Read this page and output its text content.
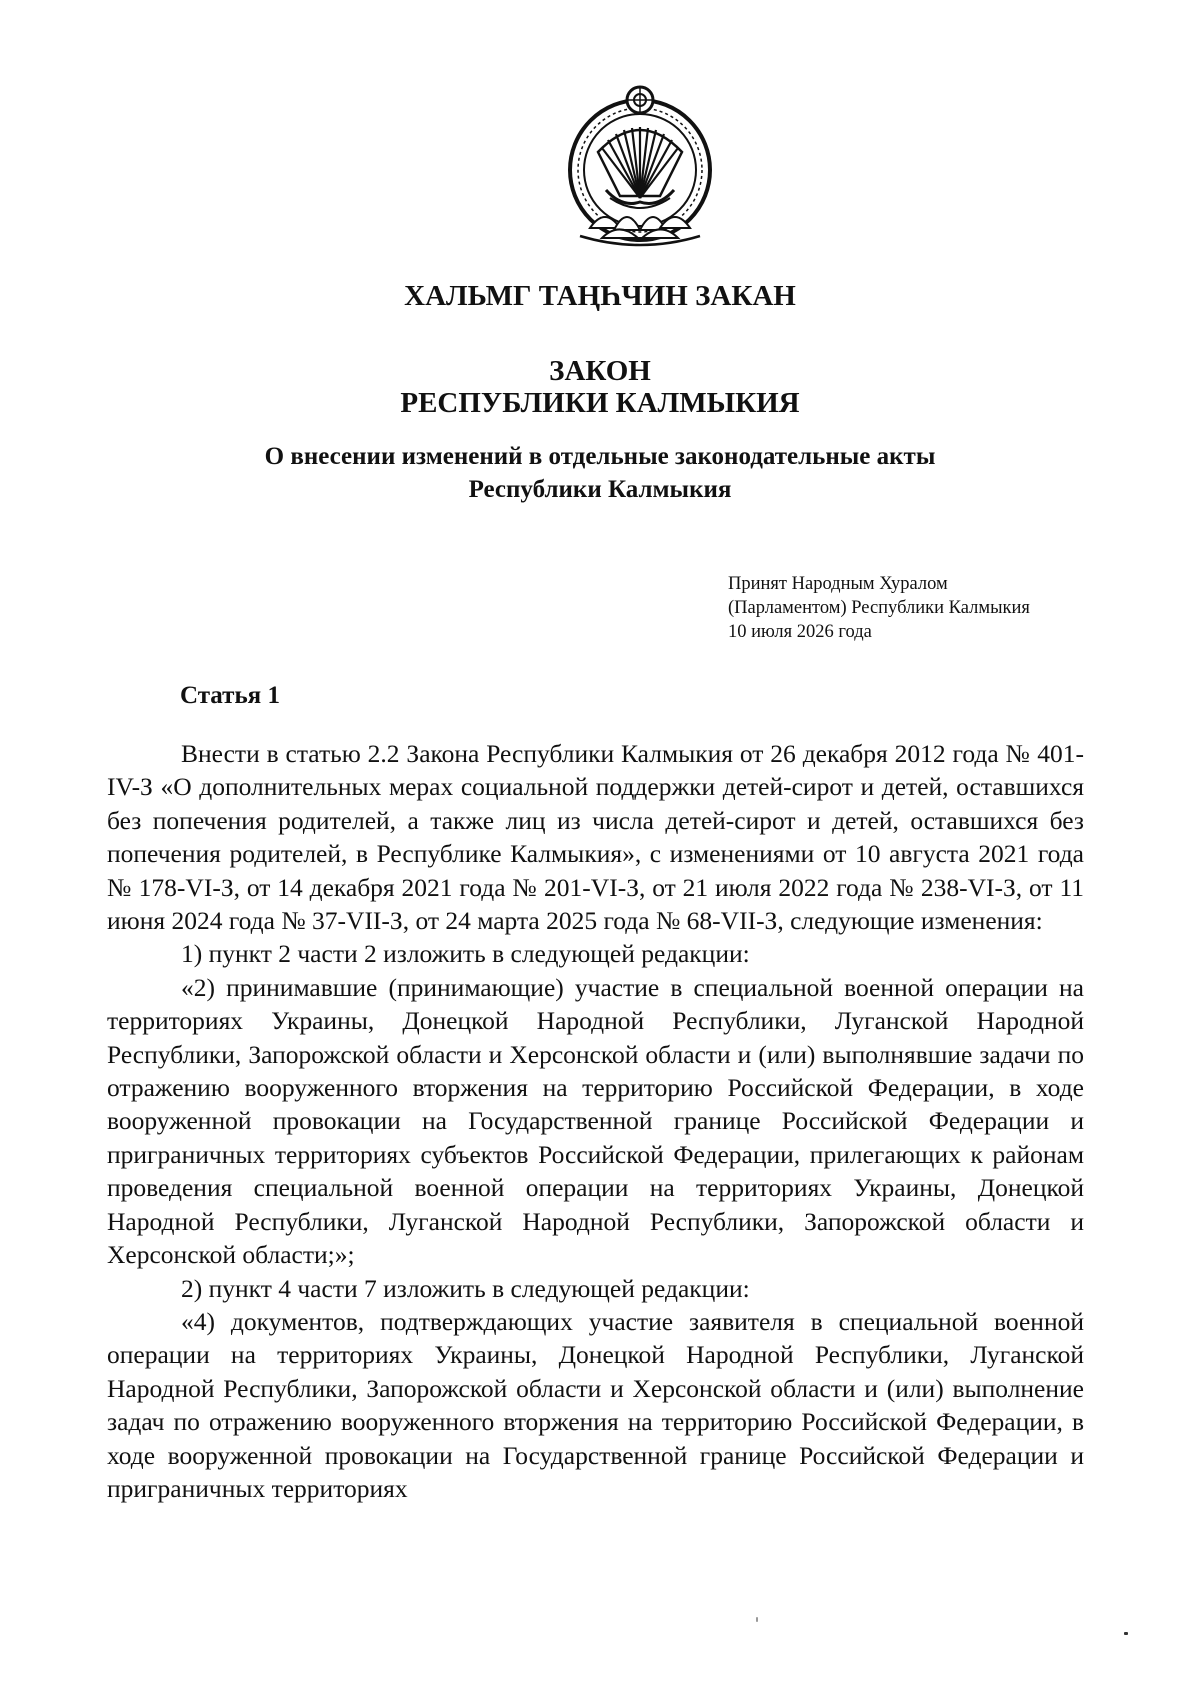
ХАЛЬМГ ТАҢҺЧИН ЗАКАН
ЗАКОН
РЕСПУБЛИКИ КАЛМЫКИЯ
О внесении изменений в отдельные законодательные акты
Республики Калмыкия
Принят Народным Хуралом
(Парламентом) Республики Калмыкия
10 июля 2026 года
Статья 1

Внести в статью 2.2 Закона Республики Калмыкия от 26 декабря 2012 года № 401-IV-З «О дополнительных мерах социальной поддержки детей-сирот и детей, оставшихся без попечения родителей, а также лиц из числа детей-сирот и детей, оставшихся без попечения родителей, в Республике Калмыкия», с изменениями от 10 августа 2021 года № 178-VI-З, от 14 декабря 2021 года № 201-VI-З, от 21 июля 2022 года № 238-VI-З, от 11 июня 2024 года № 37-VII-З, от 24 марта 2025 года № 68-VII-З, следующие изменения:

1) пункт 2 части 2 изложить в следующей редакции:

«2) принимавшие (принимающие) участие в специальной военной операции на территориях Украины, Донецкой Народной Республики, Луганской Народной Республики, Запорожской области и Херсонской области и (или) выполнявшие задачи по отражению вооруженного вторжения на территорию Российской Федерации, в ходе вооруженной провокации на Государственной границе Российской Федерации и приграничных территориях субъектов Российской Федерации, прилегающих к районам проведения специальной военной операции на территориях Украины, Донецкой Народной Республики, Луганской Народной Республики, Запорожской области и Херсонской области;»;

2) пункт 4 части 7 изложить в следующей редакции:

«4) документов, подтверждающих участие заявителя в специальной военной операции на территориях Украины, Донецкой Народной Республики, Луганской Народной Республики, Запорожской области и Херсонской области и (или) выполнение задач по отражению вооруженного вторжения на территорию Российской Федерации, в ходе вооруженной провокации на Государственной границе Российской Федерации и приграничных территориях
